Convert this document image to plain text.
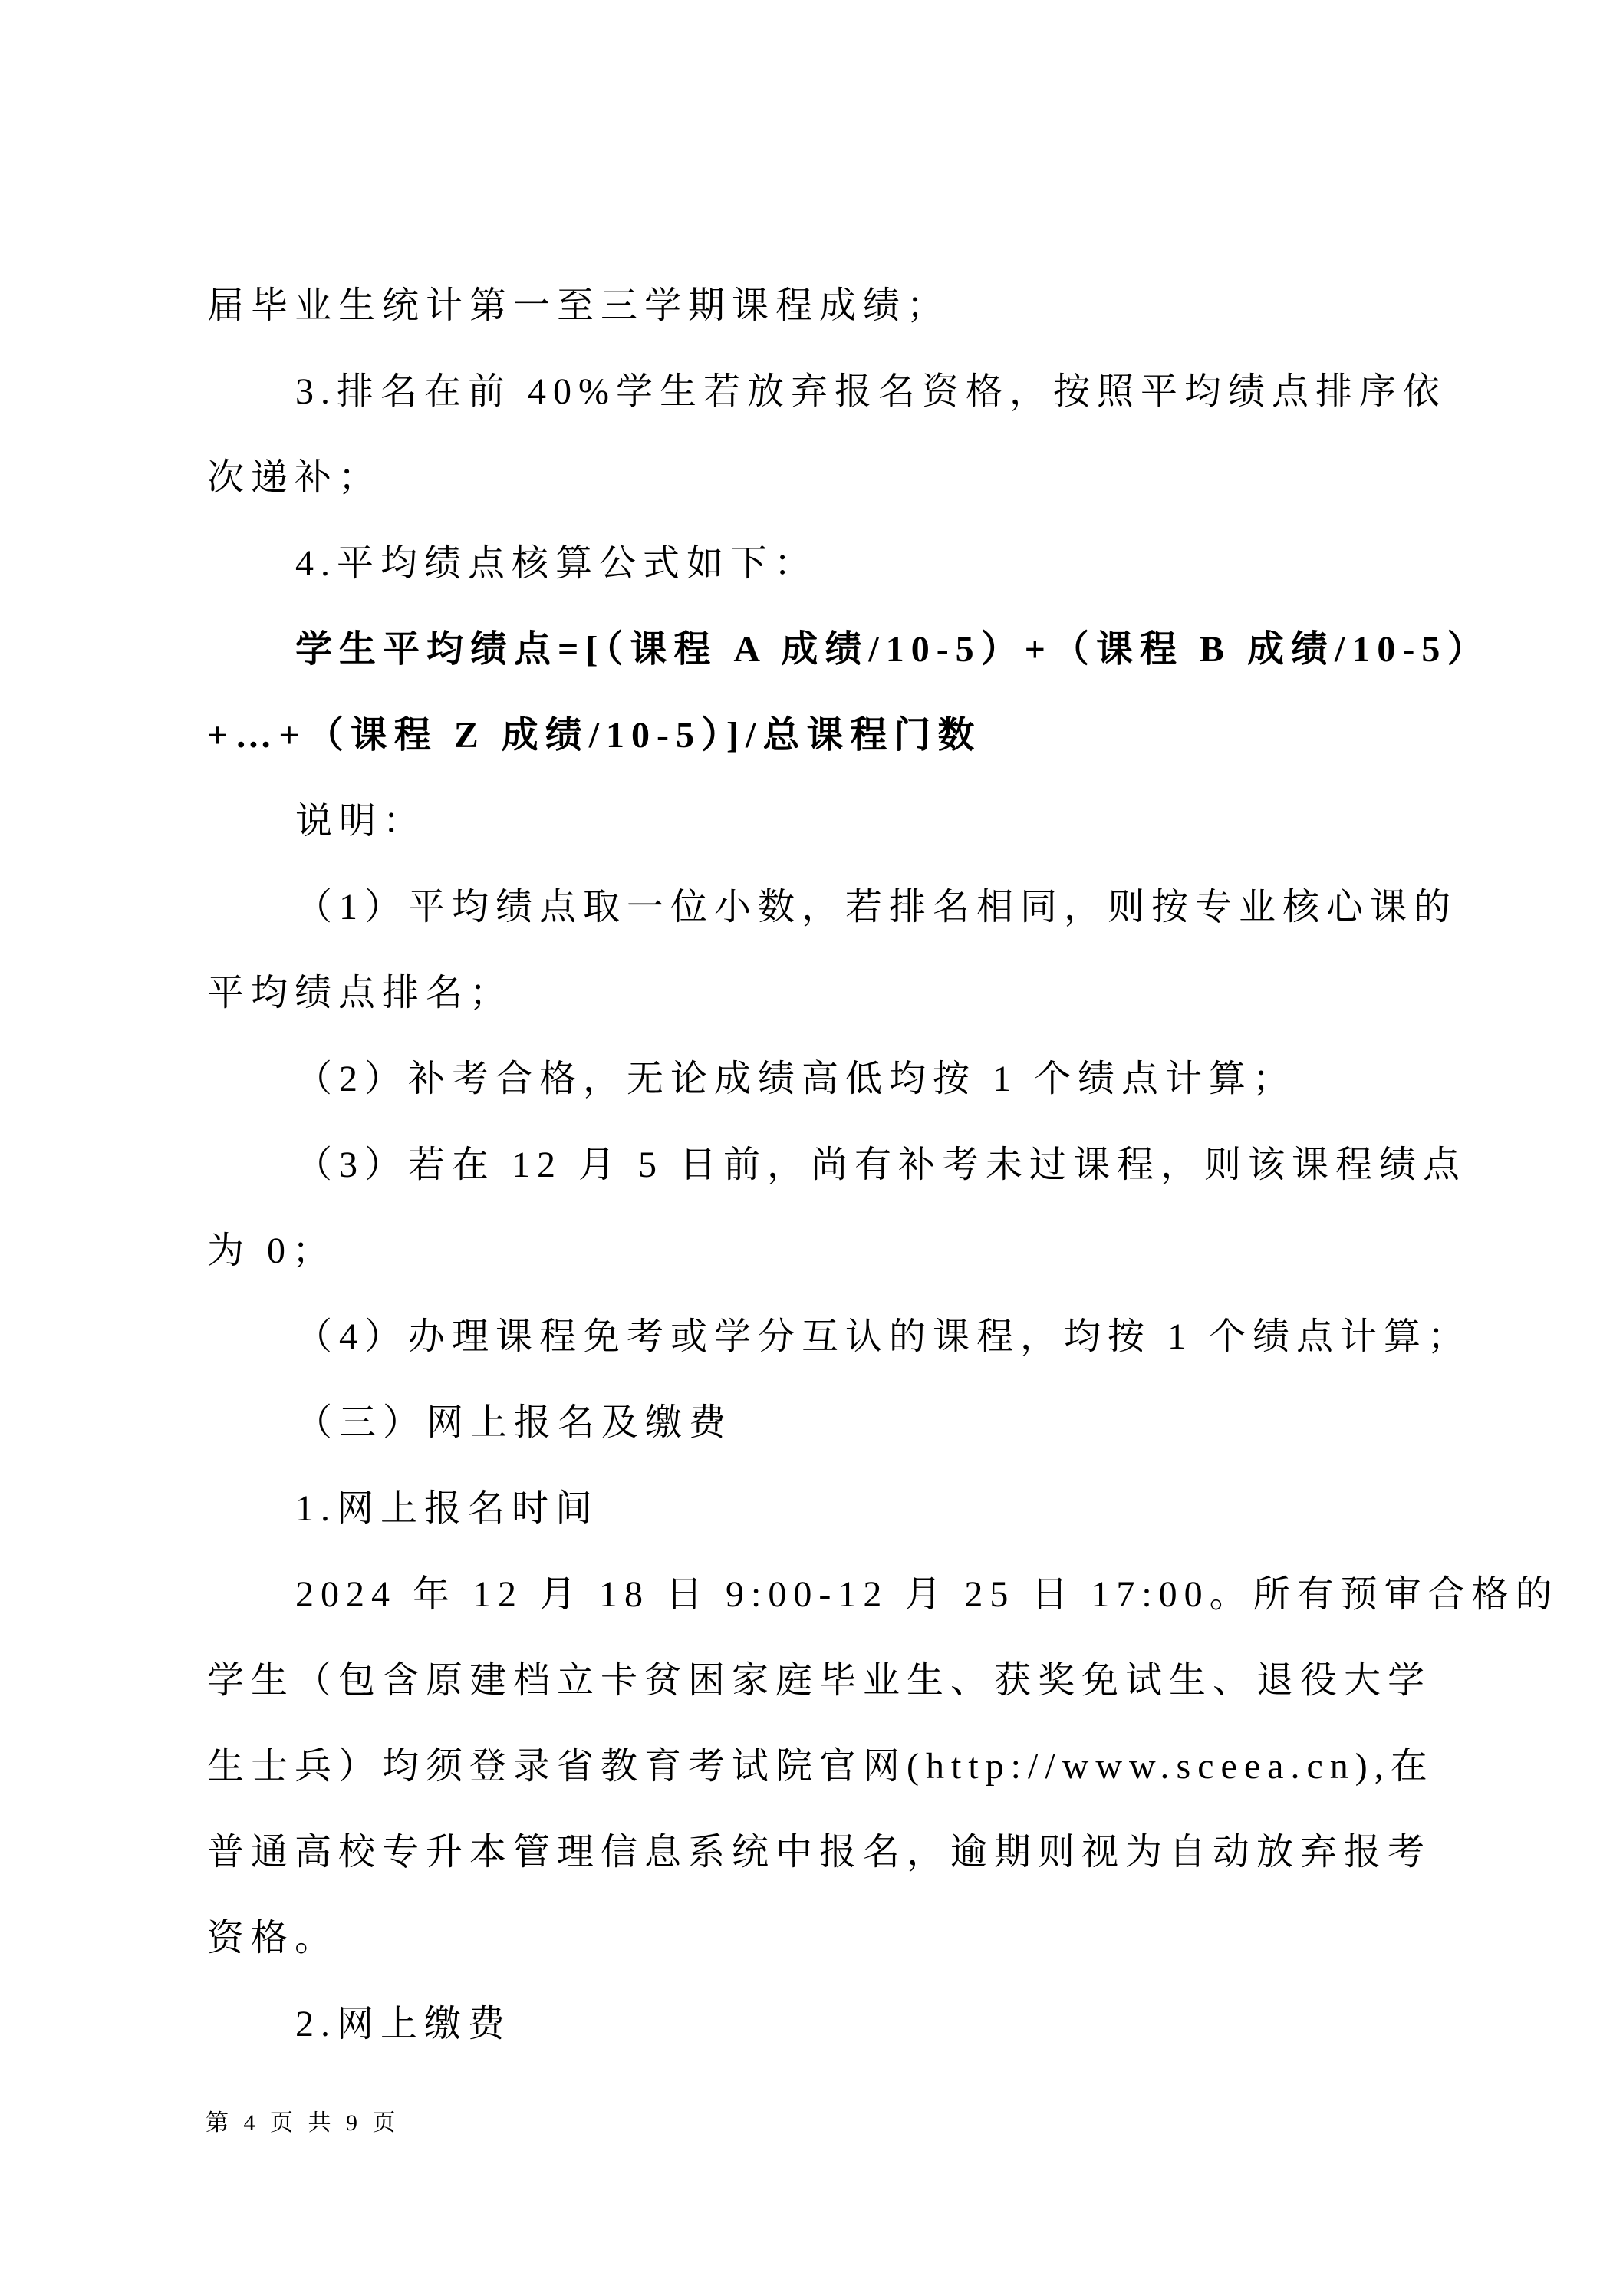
届毕业生统计第一至三学期课程成绩；
3.排名在前 40%学生若放弃报名资格，按照平均绩点排序依
次递补；
4.平均绩点核算公式如下：
学生平均绩点=[（课程 A 成绩/10-5）+（课程 B 成绩/10-5）
+…+（课程 Z 成绩/10-5）]/总课程门数
说明：
（1）平均绩点取一位小数，若排名相同，则按专业核心课的
平均绩点排名；
（2）补考合格，无论成绩高低均按 1 个绩点计算；
（3）若在 12 月 5 日前，尚有补考未过课程，则该课程绩点
为 0；
（4）办理课程免考或学分互认的课程，均按 1 个绩点计算；
（三）网上报名及缴费
1.网上报名时间
2024 年 12 月 18 日 9:00-12 月 25 日 17:00。所有预审合格的
学生（包含原建档立卡贫困家庭毕业生、获奖免试生、退役大学
生士兵）均须登录省教育考试院官网(http://www.sceea.cn),在
普通高校专升本管理信息系统中报名，逾期则视为自动放弃报考
资格。
2.网上缴费
第 4 页 共 9 页
